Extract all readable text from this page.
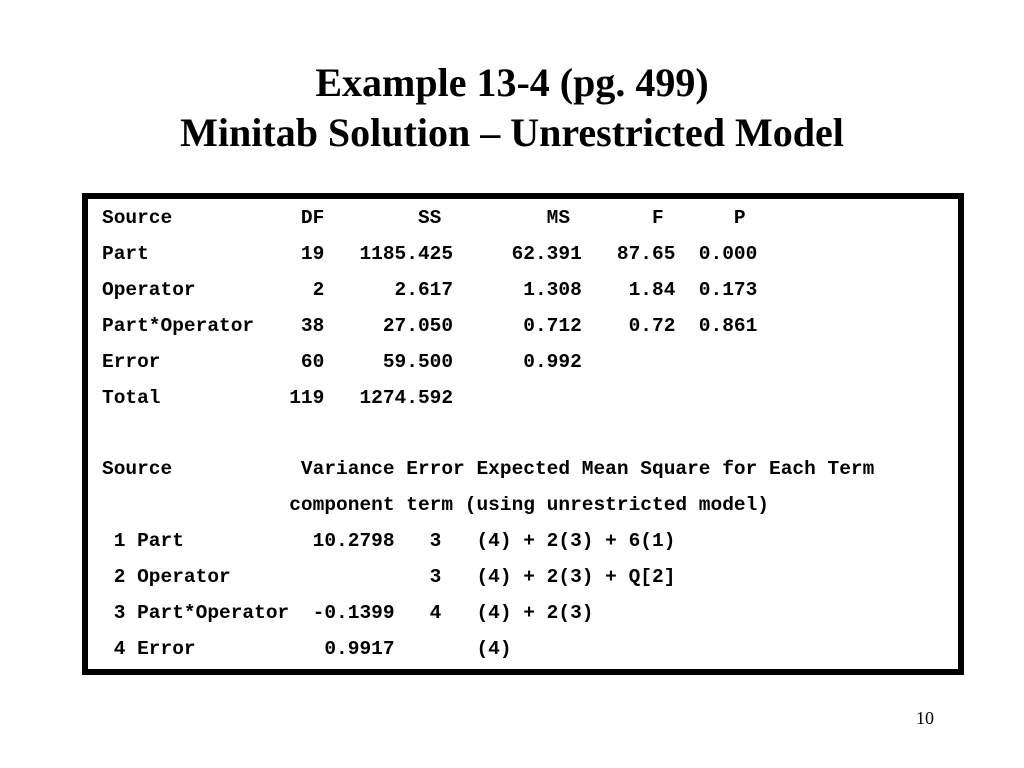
Example 13-4 (pg. 499)
Minitab Solution – Unrestricted Model
Source           DF        SS         MS       F      P
Part             19   1185.425     62.391   87.65  0.000
Operator          2      2.617      1.308    1.84  0.173
Part*Operator    38     27.050      0.712    0.72  0.861
Error            60     59.500      0.992
Total           119   1274.592
Source           Variance Error Expected Mean Square for Each Term
component term (using unrestricted model)
1 Part           10.2798   3   (4) + 2(3) + 6(1)
2 Operator                 3   (4) + 2(3) + Q[2]
3 Part*Operator  -0.1399   4   (4) + 2(3)
4 Error           0.9917       (4)
10
